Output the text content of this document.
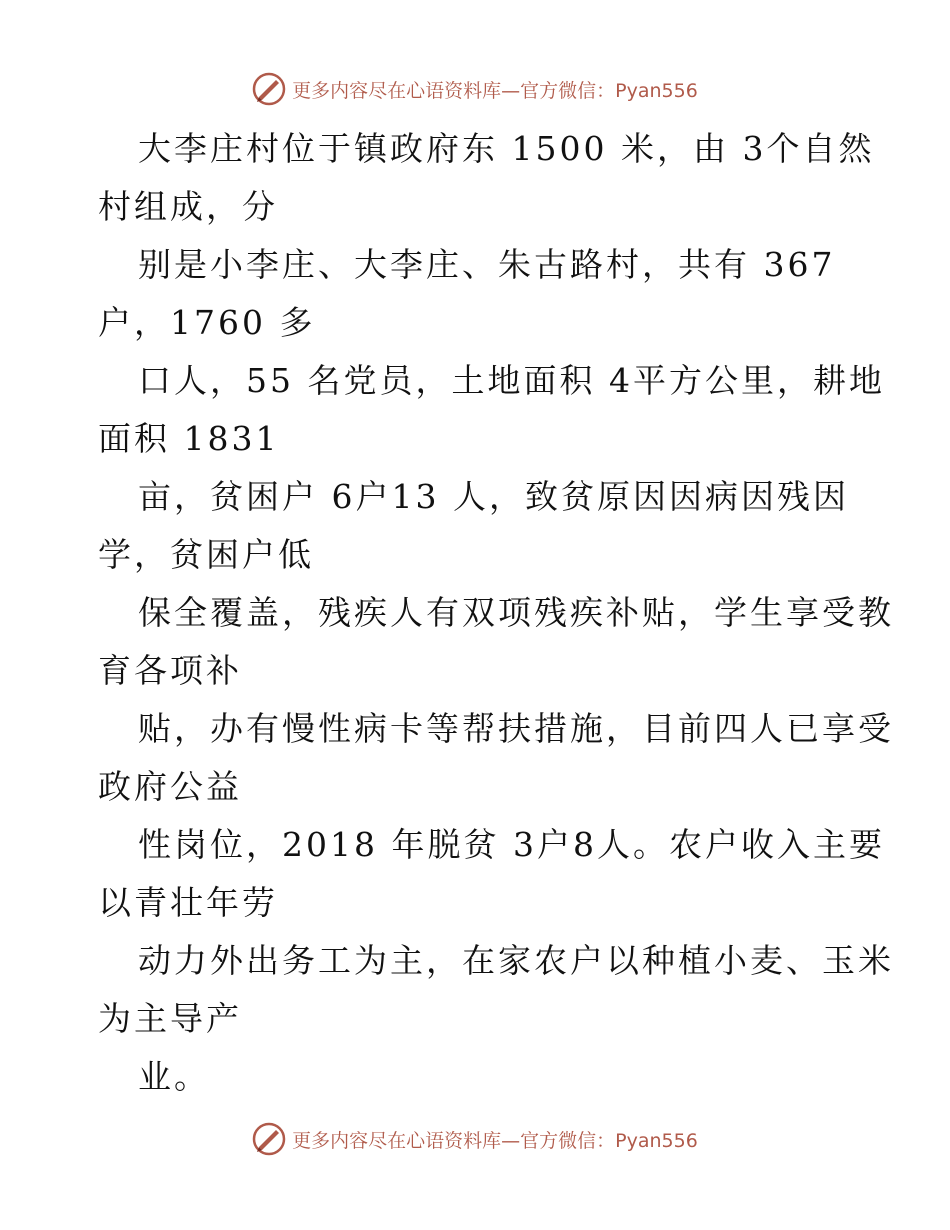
更多内容尽在心语资料库—官方微信：Pyan556
大李庄村位于镇政府东 1500 米，由 3个自然
村组成，分
别是小李庄、大李庄、朱古路村，共有 367
户，1760 多
口人，55 名党员，土地面积 4平方公里，耕地
面积 1831
亩，贫困户 6户13 人，致贫原因因病因残因
学，贫困户低
保全覆盖，残疾人有双项残疾补贴，学生享受教
育各项补
贴，办有慢性病卡等帮扶措施，目前四人已享受
政府公益
性岗位，2018 年脱贫 3户8人。农户收入主要
以青壮年劳
动力外出务工为主，在家农户以种植小麦、玉米
为主导产
业。
更多内容尽在心语资料库—官方微信：Pyan556
